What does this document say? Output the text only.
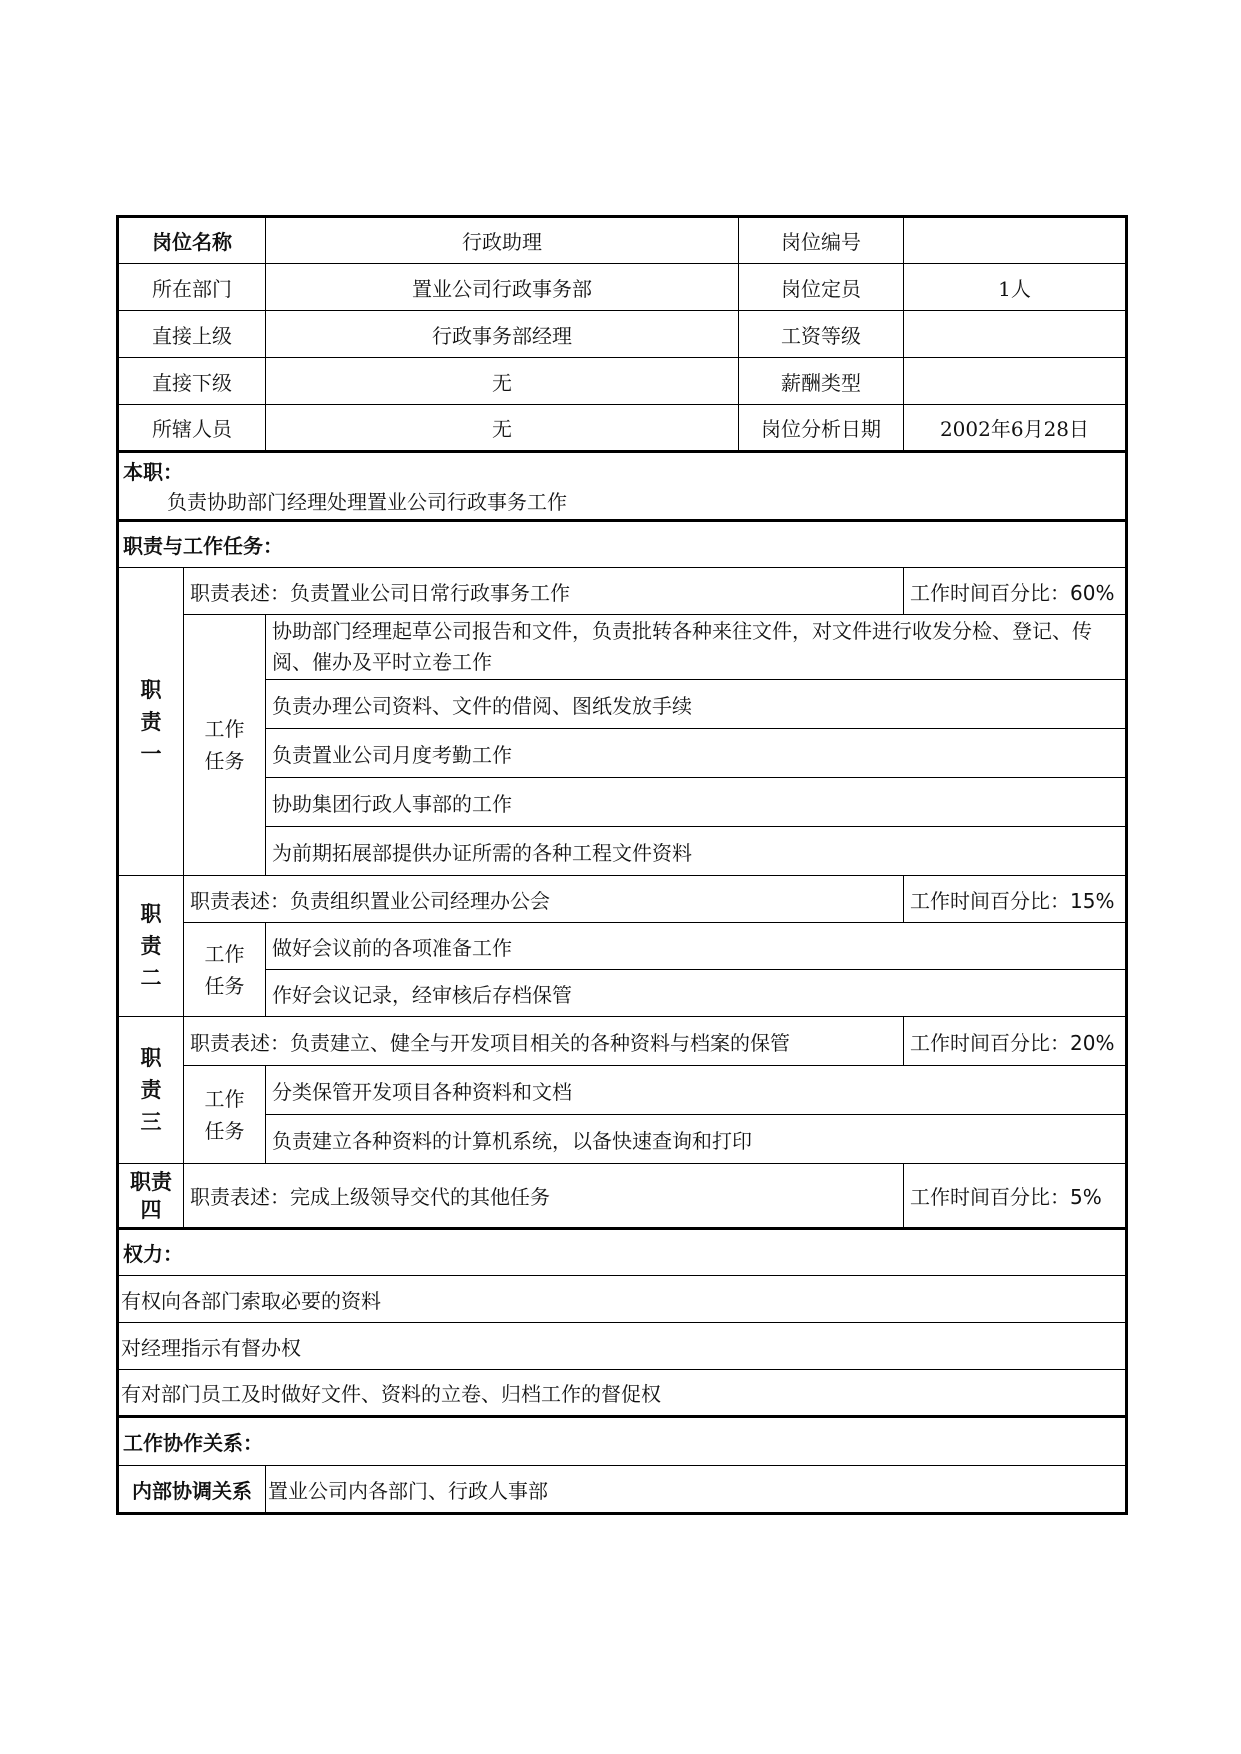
岗位名称		行政助理	岗位编号	
所在部门		置业公司行政事务部	岗位定员	1人
直接上级		行政事务部经理	工资等级	
直接下级		无	薪酬类型	
所辖人员		无	岗位分析日期	2002年6月28日

本职：
负责协助部门经理处理置业公司行政事务工作				

职责与工作任务：				
职责一	职责表述：负责置业公司日常行政事务工作			工作时间百分比：60%
	工作任务	协助部门经理起草公司报告和文件，负责批转各种来往文件，对文件进行收发分检、登记、传阅、催办及平时立卷工作		
		负责办理公司资料、文件的借阅、图纸发放手续		
		负责置业公司月度考勤工作		
		协助集团行政人事部的工作		
		为前期拓展部提供办证所需的各种工程文件资料		
职责二	职责表述：负责组织置业公司经理办公会			工作时间百分比：15%
	工作任务	做好会议前的各项准备工作		
		作好会议记录，经审核后存档保管		
职责三	职责表述：负责建立、健全与开发项目相关的各种资料与档案的保管			工作时间百分比：20%
	工作任务	分类保管开发项目各种资料和文档		
		负责建立各种资料的计算机系统，以备快速查询和打印		
职责四	职责表述：完成上级领导交代的其他任务			工作时间百分比：5%
权力：				
有权向各部门索取必要的资料				
对经理指示有督办权				
有对部门员工及时做好文件、资料的立卷、归档工作的督促权				
工作协作关系：				
内部协调关系		置业公司内各部门、行政人事部		
